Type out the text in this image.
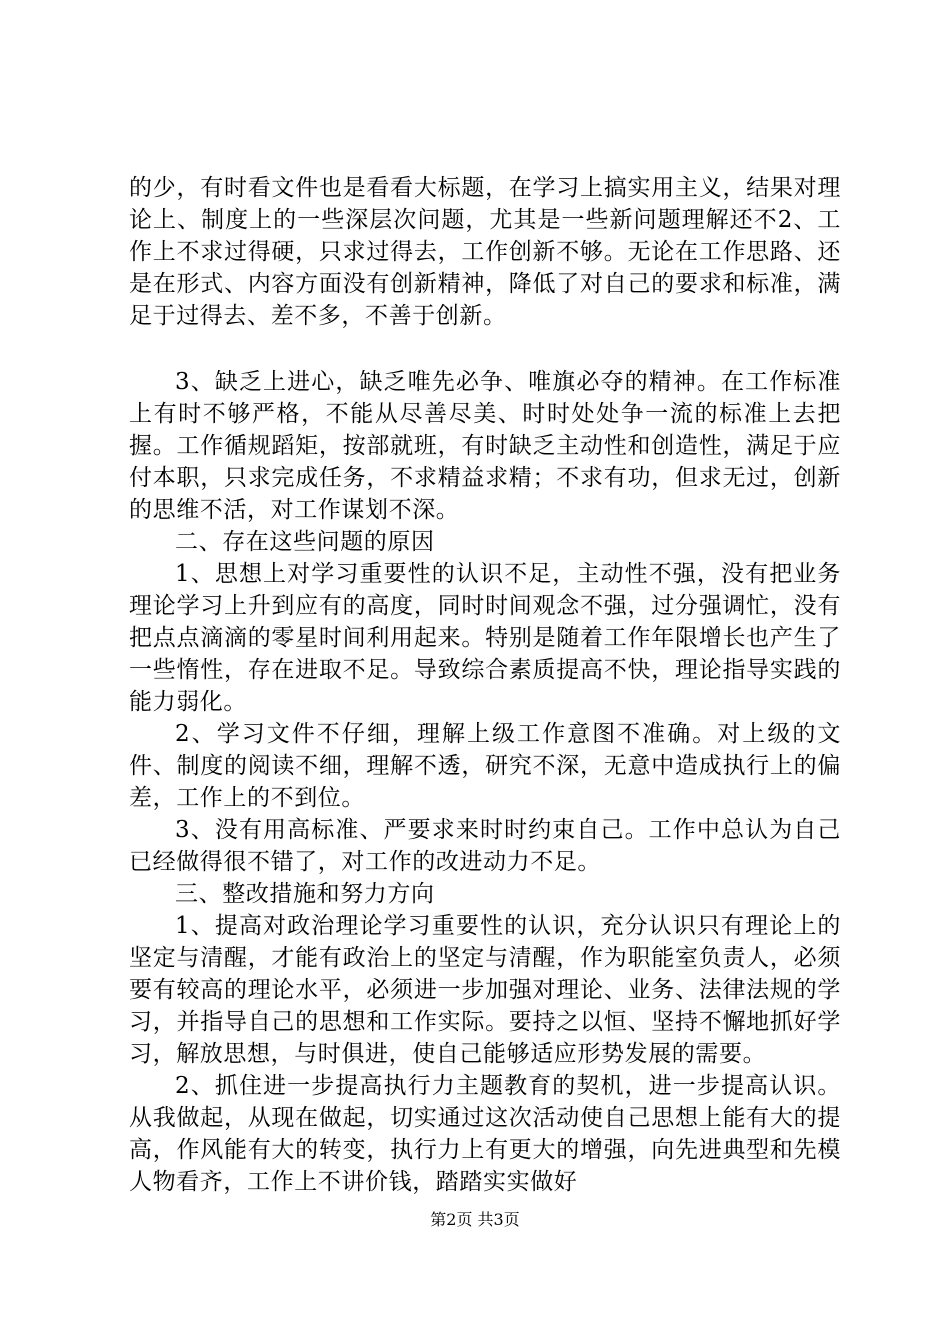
的少，有时看文件也是看看大标题，在学习上搞实用主义，结果对理论上、制度上的一些深层次问题，尤其是一些新问题理解还不2、工作上不求过得硬，只求过得去，工作创新不够。无论在工作思路、还是在形式、内容方面没有创新精神，降低了对自己的要求和标准，满足于过得去、差不多，不善于创新。

3、缺乏上进心，缺乏唯先必争、唯旗必夺的精神。在工作标准上有时不够严格，不能从尽善尽美、时时处处争一流的标准上去把握。工作循规蹈矩，按部就班，有时缺乏主动性和创造性，满足于应付本职，只求完成任务，不求精益求精；不求有功，但求无过，创新的思维不活，对工作谋划不深。

二、存在这些问题的原因

1、思想上对学习重要性的认识不足，主动性不强，没有把业务理论学习上升到应有的高度，同时时间观念不强，过分强调忙，没有把点点滴滴的零星时间利用起来。特别是随着工作年限增长也产生了一些惰性，存在进取不足。导致综合素质提高不快，理论指导实践的能力弱化。

2、学习文件不仔细，理解上级工作意图不准确。对上级的文件、制度的阅读不细，理解不透，研究不深，无意中造成执行上的偏差，工作上的不到位。

3、没有用高标准、严要求来时时约束自己。工作中总认为自己已经做得很不错了，对工作的改进动力不足。

三、整改措施和努力方向

1、提高对政治理论学习重要性的认识，充分认识只有理论上的坚定与清醒，才能有政治上的坚定与清醒，作为职能室负责人，必须要有较高的理论水平，必须进一步加强对理论、业务、法律法规的学习，并指导自己的思想和工作实际。要持之以恒、坚持不懈地抓好学习，解放思想，与时俱进，使自己能够适应形势发展的需要。

2、抓住进一步提高执行力主题教育的契机，进一步提高认识。从我做起，从现在做起，切实通过这次活动使自己思想上能有大的提高，作风能有大的转变，执行力上有更大的增强，向先进典型和先模人物看齐，工作上不讲价钱，踏踏实实做好

第2页 共3页
